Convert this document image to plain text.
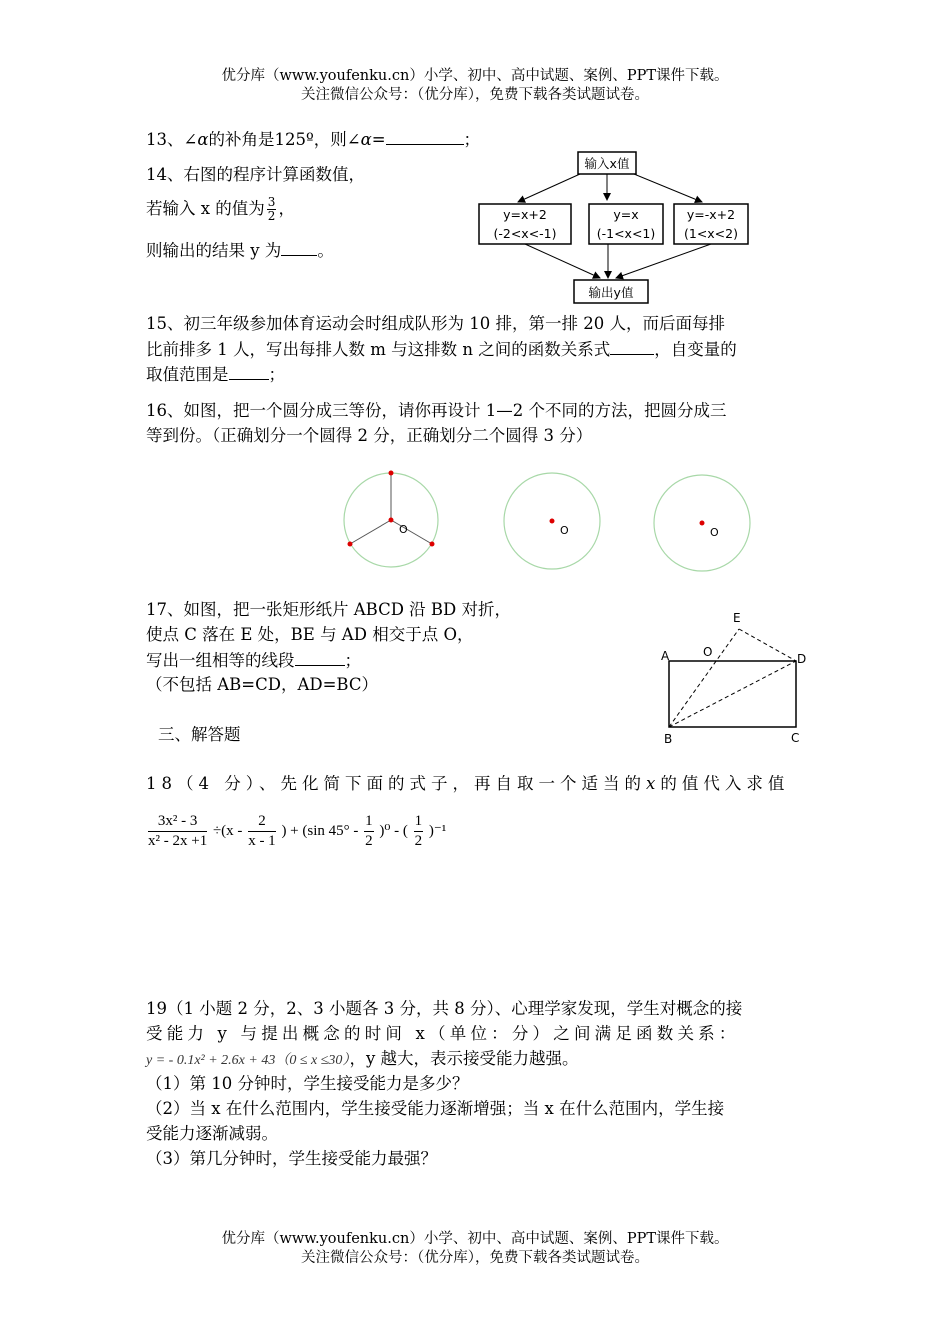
优分库（www.youfenku.cn）小学、初中、高中试题、案例、PPT课件下载。
关注微信公众号：（优分库），免费下载各类试题试卷。
13、∠α的补角是125º，则∠α=	；
14、右图的程序计算函数值，
若输入 x 的值为 $\frac{3}{2}$ ，
则输出的结果 y 为 。
输入x值
y=x+2
(-2<x<-1)
y=x
(-1<x<1)
y=-x+2
(1<x<2)
输出y值
15、初三年级参加体育运动会时组成队形为 10 排，第一排 20 人，而后面每排
比前排多 1 人，写出每排人数 m 与这排数 n 之间的函数关系式	，自变量的
取值范围是 ；
16、如图，把一个圆分成三等份，请你再设计 1—2 个不同的方法，把圆分成三
等到份。（正确划分一个圆得 2 分，正确划分二个圆得 3 分）
O	O	O
17、如图，把一张矩形纸片 ABCD 沿 BD 对折，
使点 C 落在 E 处，BE 与 AD 相交于点 O，
写出一组相等的线段	；
（不包括 AB=CD，AD=BC）
A
B	C
D
E
O
三、解答题
18（4 分）、先化简下面的式子，再自取一个适当的x的值代入求值
$\frac{\text{3x² - 3}}{\text{x² - 2x +1}} \div(x - \frac{2}{x - 1}$ ) + (sin $45^\circ - \frac{1}{2} )^0$ - ( $\frac{1}{2} )^{-1}$
19（1 小题 2 分，2、3 小题各 3 分，共 8 分）、心理学家发现，学生对概念的接
受能力 y 与提出概念的时间 x（单位：分）之间满足函数关系：
y = - 0.1x² + 2.6x + 43（0 ≤ x ≤30），y 越大，表示接受能力越强。
（1）第 10 分钟时，学生接受能力是多少？
（2）当 x 在什么范围内，学生接受能力逐渐增强；当 x 在什么范围内，学生接
受能力逐渐减弱。
（3）第几分钟时，学生接受能力最强？
优分库（www.youfenku.cn）小学、初中、高中试题、案例、PPT课件下载。
关注微信公众号：（优分库），免费下载各类试题试卷。
